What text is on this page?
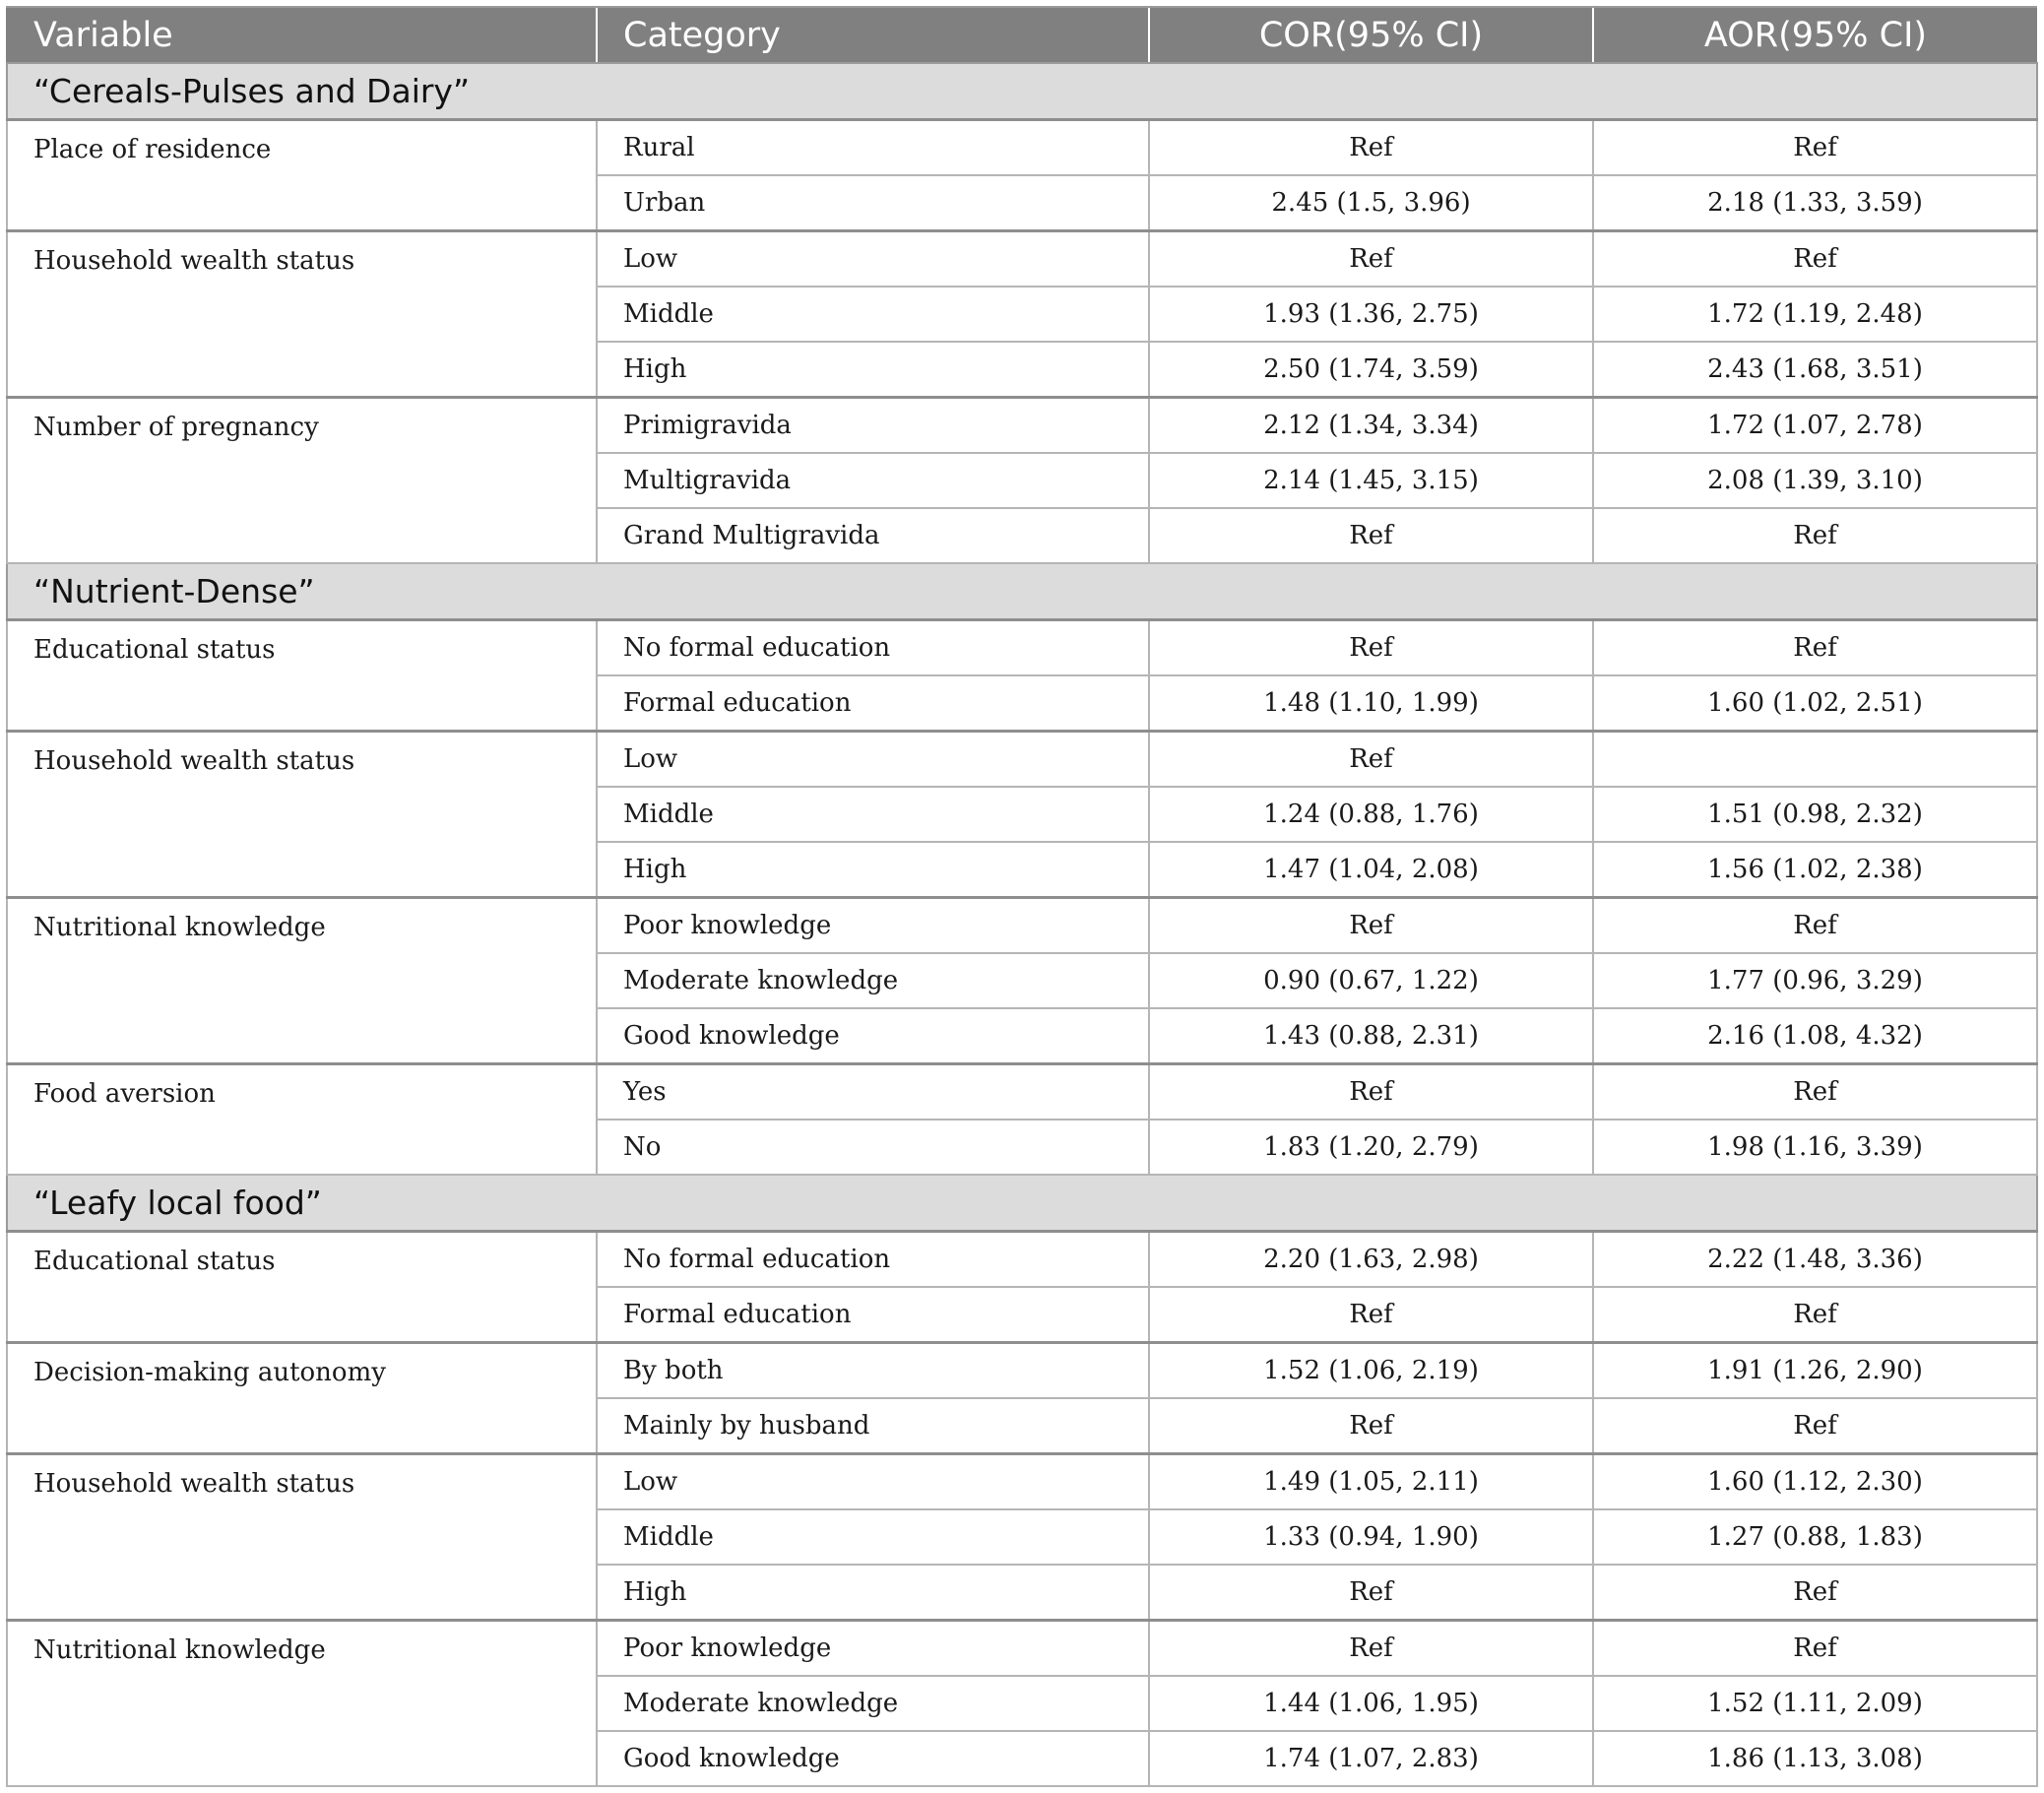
Variable	Category	COR(95% CI)	AOR(95% CI)
“Cereals-Pulses and Dairy”			
Place of residence	Rural	Ref	Ref
	Urban	2.45 (1.5, 3.96)	2.18 (1.33, 3.59)
Household wealth status	Low	Ref	Ref
	Middle	1.93 (1.36, 2.75)	1.72 (1.19, 2.48)
	High	2.50 (1.74, 3.59)	2.43 (1.68, 3.51)
Number of pregnancy	Primigravida	2.12 (1.34, 3.34)	1.72 (1.07, 2.78)
	Multigravida	2.14 (1.45, 3.15)	2.08 (1.39, 3.10)
	Grand Multigravida	Ref	Ref
“Nutrient-Dense”			
Educational status	No formal education	Ref	Ref
	Formal education	1.48 (1.10, 1.99)	1.60 (1.02, 2.51)
Household wealth status	Low	Ref	
	Middle	1.24 (0.88, 1.76)	1.51 (0.98, 2.32)
	High	1.47 (1.04, 2.08)	1.56 (1.02, 2.38)
Nutritional knowledge	Poor knowledge	Ref	Ref
	Moderate knowledge	0.90 (0.67, 1.22)	1.77 (0.96, 3.29)
	Good knowledge	1.43 (0.88, 2.31)	2.16 (1.08, 4.32)
Food aversion	Yes	Ref	Ref
	No	1.83 (1.20, 2.79)	1.98 (1.16, 3.39)
“Leafy local food”			
Educational status	No formal education	2.20 (1.63, 2.98)	2.22 (1.48, 3.36)
	Formal education	Ref	Ref
Decision-making autonomy	By both	1.52 (1.06, 2.19)	1.91 (1.26, 2.90)
	Mainly by husband	Ref	Ref
Household wealth status	Low	1.49 (1.05, 2.11)	1.60 (1.12, 2.30)
	Middle	1.33 (0.94, 1.90)	1.27 (0.88, 1.83)
	High	Ref	Ref
Nutritional knowledge	Poor knowledge	Ref	Ref
	Moderate knowledge	1.44 (1.06, 1.95)	1.52 (1.11, 2.09)
	Good knowledge	1.74 (1.07, 2.83)	1.86 (1.13, 3.08)
